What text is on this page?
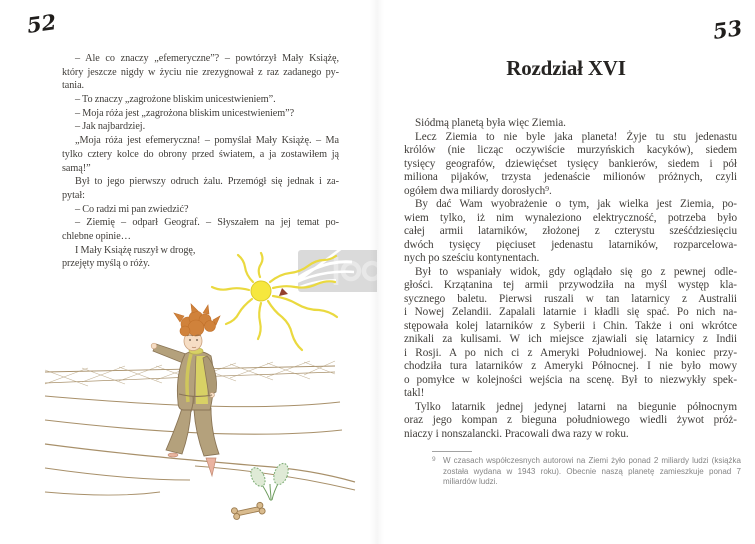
52
– Ale co znaczy „efemeryczne”? – powtórzył Mały Książę,
który jeszcze nigdy w życiu nie zrezygnował z raz zadanego py-
tania.
– To znaczy „zagrożone bliskim unicestwieniem”.
– Moja róża jest „zagrożona bliskim unicestwieniem”?
– Jak najbardziej.
„Moja róża jest efemeryczna! – pomyślał Mały Książę. – Ma
tylko cztery kolce do obrony przed światem, a ja zostawiłem ją
samą!”
Był to jego pierwszy odruch żalu. Przemógł się jednak i za-
pytał:
– Co radzi mi pan zwiedzić?
– Ziemię – odparł Geograf. – Słyszałem na jej temat po-
chlebne opinie…
I Mały Książę ruszył w drogę,
przejęty myślą o róży.
53
Rozdział XVI
Siódmą planetą była więc Ziemia.
Lecz Ziemia to nie byle jaka planeta! Żyje tu stu jedenastu
królów (nie licząc oczywiście murzyńskich kacyków), siedem
tysięcy geografów, dziewięćset tysięcy bankierów, siedem i pół
miliona pijaków, trzysta jedenaście milionów próżnych, czyli
ogółem dwa miliardy dorosłych⁹.
By dać Wam wyobrażenie o tym, jak wielka jest Ziemia, po-
wiem tylko, iż nim wynaleziono elektryczność, potrzeba było
całej armii latarników, złożonej z czterystu sześćdziesięciu
dwóch tysięcy pięciuset jedenastu latarników, rozparcelowa-
nych po sześciu kontynentach.
Był to wspaniały widok, gdy oglądało się go z pewnej odle-
głości. Krzątanina tej armii przywodziła na myśl występ kla-
sycznego baletu. Pierwsi ruszali w tan latarnicy z Australii
i Nowej Zelandii. Zapalali latarnie i kładli się spać. Po nich na-
stępowała kolej latarników z Syberii i Chin. Także i oni wkrótce
znikali za kulisami. W ich miejsce zjawiali się latarnicy z Indii
i Rosji. A po nich ci z Ameryki Południowej. Na koniec przy-
chodziła tura latarników z Ameryki Północnej. I nie było mowy
o pomyłce w kolejności wejścia na scenę. Był to niezwykły spek-
takl!
Tylko latarnik jednej jedynej latarni na biegunie północnym
oraz jego kompan z bieguna południowego wiedli żywot próż-
niaczy i nonszalancki. Pracowali dwa razy w roku.
9 W czasach współczesnych autorowi na Ziemi żyło ponad 2 miliardy ludzi (książka
została wydana w 1943 roku). Obecnie naszą planetę zamieszkuje ponad 7
miliardów ludzi.
